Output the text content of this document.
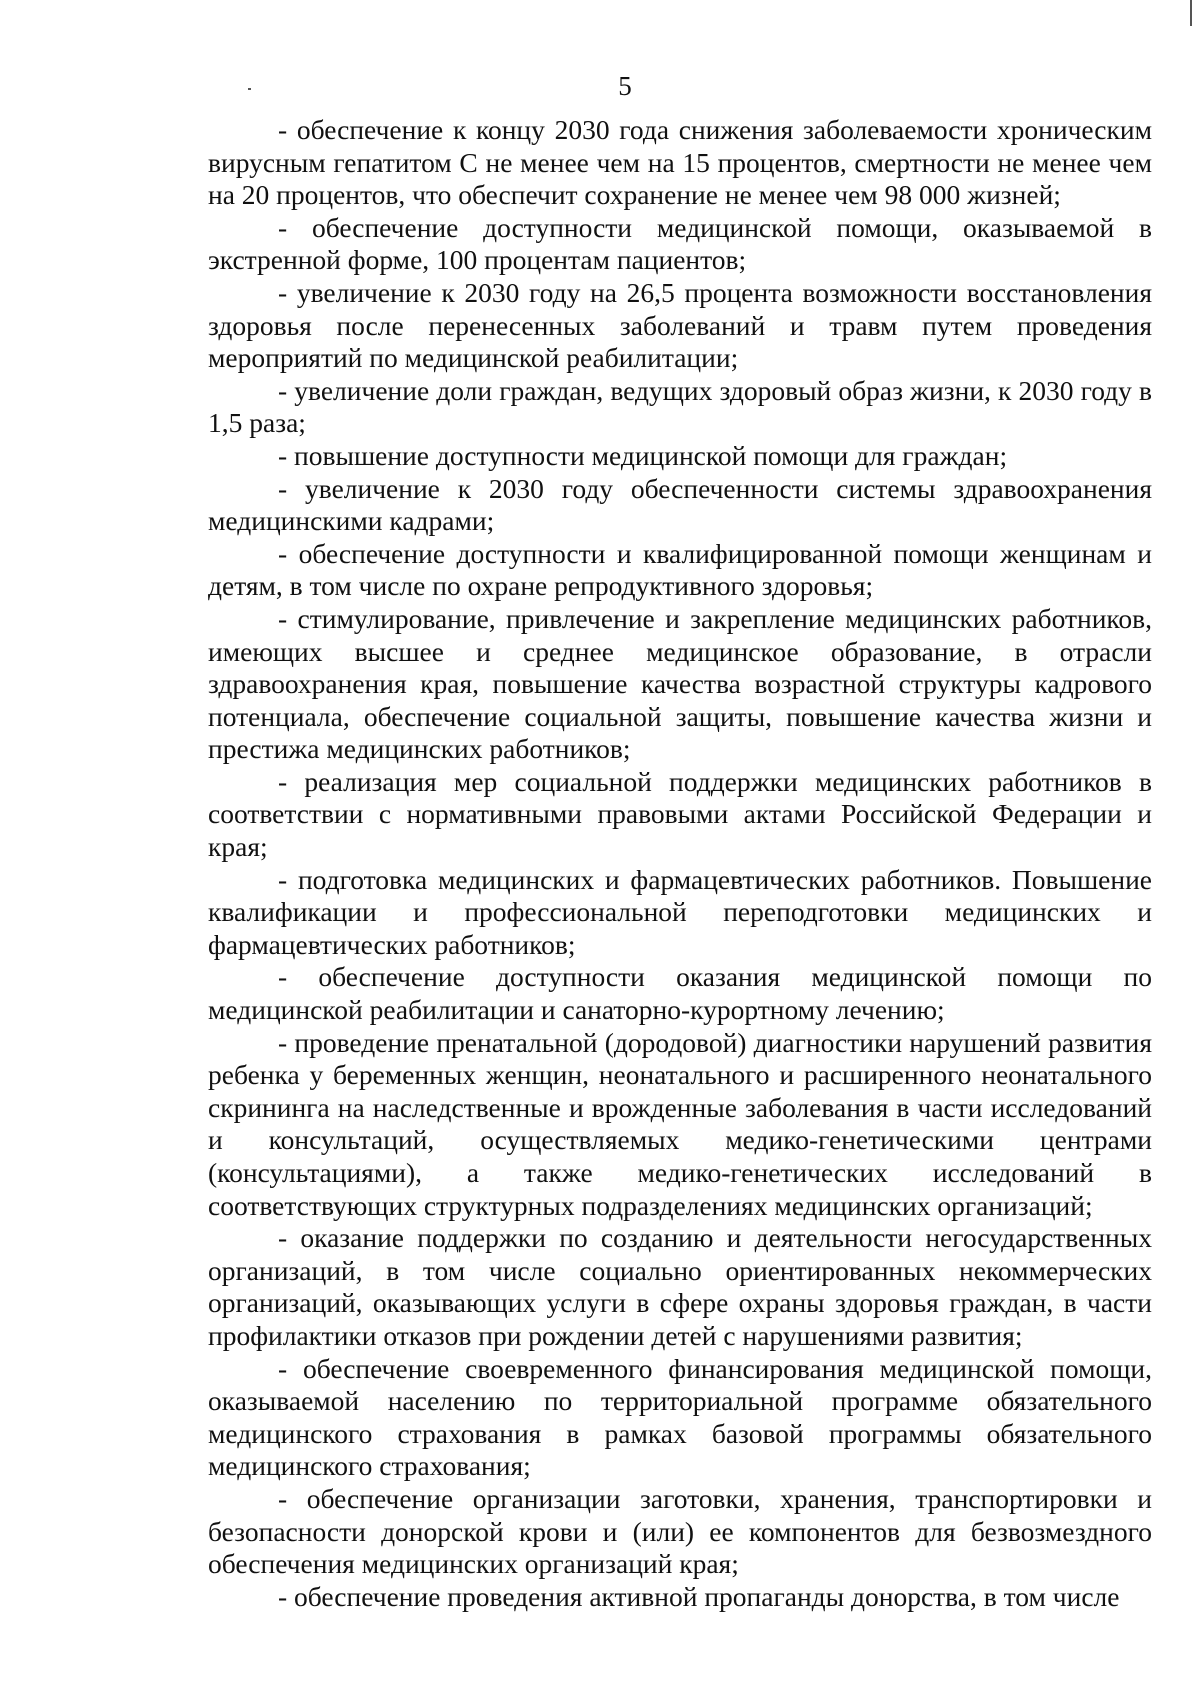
5

- обеспечение к концу 2030 года снижения заболеваемости хроническим вирусным гепатитом С не менее чем на 15 процентов, смертности не менее чем на 20 процентов, что обеспечит сохранение не менее чем 98 000 жизней;

- обеспечение доступности медицинской помощи, оказываемой в экстренной форме, 100 процентам пациентов;

- увеличение к 2030 году на 26,5 процента возможности восстановления здоровья после перенесенных заболеваний и травм путем проведения мероприятий по медицинской реабилитации;

- увеличение доли граждан, ведущих здоровый образ жизни, к 2030 году в 1,5 раза;

- повышение доступности медицинской помощи для граждан;

- увеличение к 2030 году обеспеченности системы здравоохранения медицинскими кадрами;

- обеспечение доступности и квалифицированной помощи женщинам и детям, в том числе по охране репродуктивного здоровья;

- стимулирование, привлечение и закрепление медицинских работников, имеющих высшее и среднее медицинское образование, в отрасли здравоохранения края, повышение качества возрастной структуры кадрового потенциала, обеспечение социальной защиты, повышение качества жизни и престижа медицинских работников;

- реализация мер социальной поддержки медицинских работников в соответствии с нормативными правовыми актами Российской Федерации и края;

- подготовка медицинских и фармацевтических работников. Повышение квалификации и профессиональной переподготовки медицинских и фармацевтических работников;

- обеспечение доступности оказания медицинской помощи по медицинской реабилитации и санаторно-курортному лечению;

- проведение пренатальной (дородовой) диагностики нарушений развития ребенка у беременных женщин, неонатального и расширенного неонатального скрининга на наследственные и врожденные заболевания в части исследований и консультаций, осуществляемых медико-генетическими центрами (консультациями), а также медико-генетических исследований в соответствующих структурных подразделениях медицинских организаций;

- оказание поддержки по созданию и деятельности негосударственных организаций, в том числе социально ориентированных некоммерческих организаций, оказывающих услуги в сфере охраны здоровья граждан, в части профилактики отказов при рождении детей с нарушениями развития;

- обеспечение своевременного финансирования медицинской помощи, оказываемой населению по территориальной программе обязательного медицинского страхования в рамках базовой программы обязательного медицинского страхования;

- обеспечение организации заготовки, хранения, транспортировки и безопасности донорской крови и (или) ее компонентов для безвозмездного обеспечения медицинских организаций края;

- обеспечение проведения активной пропаганды донорства, в том числе
